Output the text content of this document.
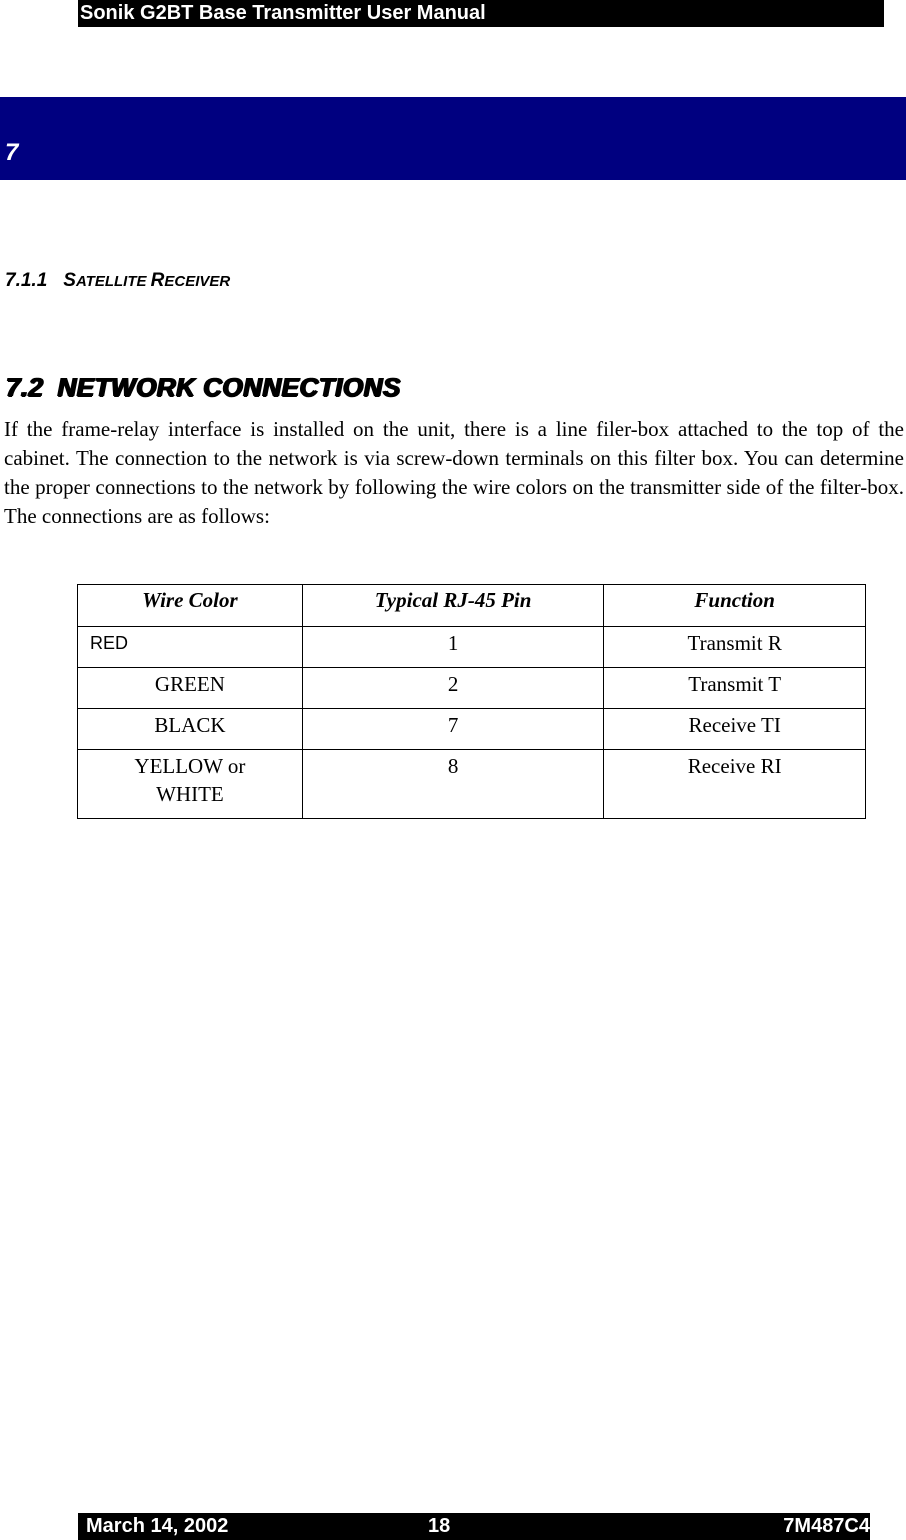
Sonik G2BT Base Transmitter User Manual
7
7.1.1 SATELLITE RECEIVER
7.2 NETWORK CONNECTIONS

If the frame-relay interface is installed on the unit, there is a line filer-box attached to the top of the cabinet. The connection to the network is via screw-down terminals on this filter box. You can determine the proper connections to the network by following the wire colors on the transmitter side of the filter-box. The connections are as follows:

Wire Color	Typical RJ-45 Pin	Function
RED	1	Transmit R
GREEN	2	Transmit T
BLACK	7	Receive TI
YELLOW or WHITE	8	Receive RI
March 14, 2002	18	7M487C4
